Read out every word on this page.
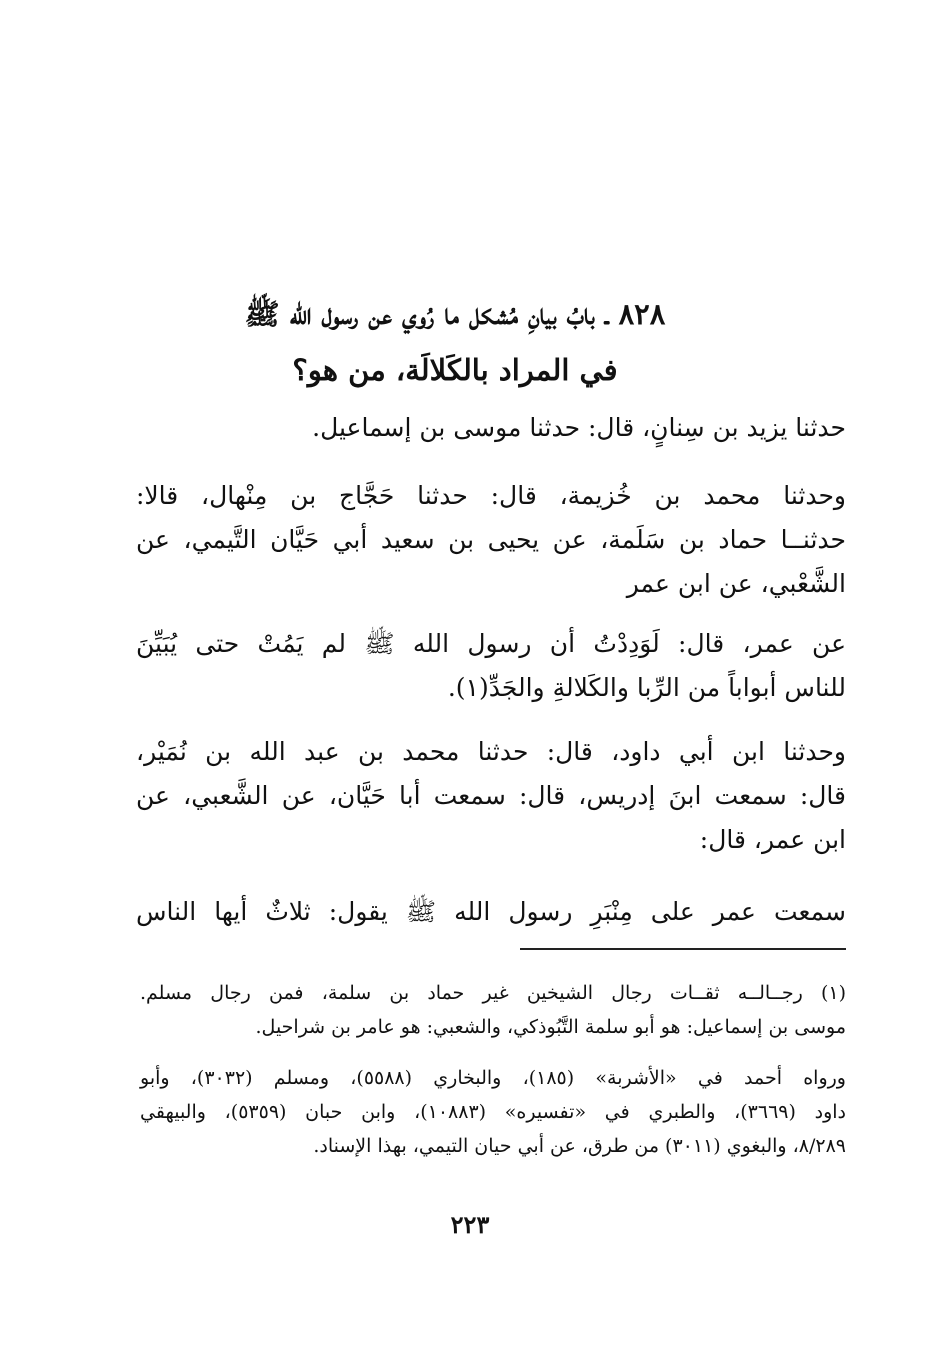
٨٢٨ ـ بابُ بيانِ مُشكل ما رُوي عن رسول الله ﷺ
في المراد بالكَلالَة، من هو؟
حدثنا يزيد بن سِنانٍ، قال: حدثنا موسى بن إسماعيل.
وحدثنا محمد بن خُزيمة، قال: حدثنا حَجَّاج بن مِنْهال، قالا:
حدثنــا حماد بن سَلَمة، عن يحيى بن سعيد أبي حَيَّان التَّيمي، عن
الشَّعْبي، عن ابن عمر
عن عمر، قال: لَوَدِدْتُ أن رسول الله ﷺ لم يَمُتْ حتى يُبَيِّنَ
للناس أبواباً من الرِّبا والكَلالةِ والجَدِّ(١).
وحدثنا ابن أبي داود، قال: حدثنا محمد بن عبد الله بن نُمَيْر،
قال: سمعت ابنَ إدريس، قال: سمعت أبا حَيَّان، عن الشَّعبي، عن
ابن عمر، قال:
سمعت عمر على مِنْبَرِ رسول الله ﷺ يقول: ثلاثٌ أيها الناس
(١) رجــالــه ثقــات رجال الشيخين غير حماد بن سلمة، فمن رجال مسلم.
موسى بن إسماعيل: هو أبو سلمة التَّبُوذكي، والشعبي: هو عامر بن شراحيل.
ورواه أحمد في «الأشربة» (١٨٥)، والبخاري (٥٥٨٨)، ومسلم (٣٠٣٢)، وأبو
داود (٣٦٦٩)، والطبري في «تفسيره» (١٠٨٨٣)، وابن حبان (٥٣٥٩)، والبيهقي
٨/٢٨٩، والبغوي (٣٠١١) من طرق، عن أبي حيان التيمي، بهذا الإسناد.
٢٢٣
